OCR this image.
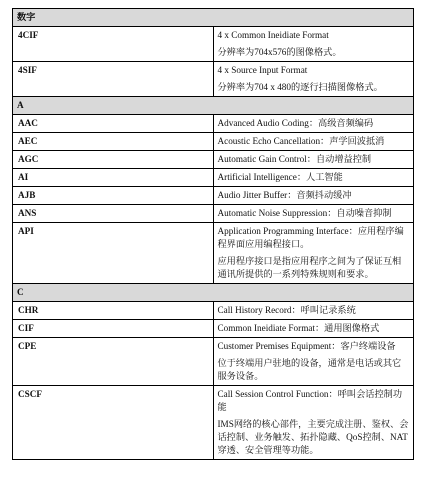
数字	
4CIF	4 x Common Ineidiate Format

分辨率为704x576的图像格式。

4SIF	4 x Source Input Format

分辨率为704 x 480的逐行扫描图像格式。

A	
AAC	Advanced Audio Coding：高级音频编码

AEC	Acoustic Echo Cancellation：声学回波抵消

AGC	Automatic Gain Control：自动增益控制

AI	Artificial Intelligence：人工智能

AJB	Audio Jitter Buffer：音频抖动缓冲

ANS	Automatic Noise Suppression：自动噪音抑制

API	Application Programming Interface：应用程序编程界面应用编程接口。

应用程序接口是指应用程序之间为了保证互相通讯所提供的一系列特殊规则和要求。

C	
CHR	Call History Record：呼叫记录系统

CIF	Common Ineidiate Format：通用图像格式

CPE	Customer Premises Equipment：客户终端设备

位于终端用户驻地的设备，通常是电话或其它服务设备。

CSCF	Call Session Control Function：呼叫会话控制功能

IMS网络的核心部件，主要完成注册、鉴权、会话控制、业务触发、拓扑隐藏、QoS控制、NAT穿透、安全管理等功能。
